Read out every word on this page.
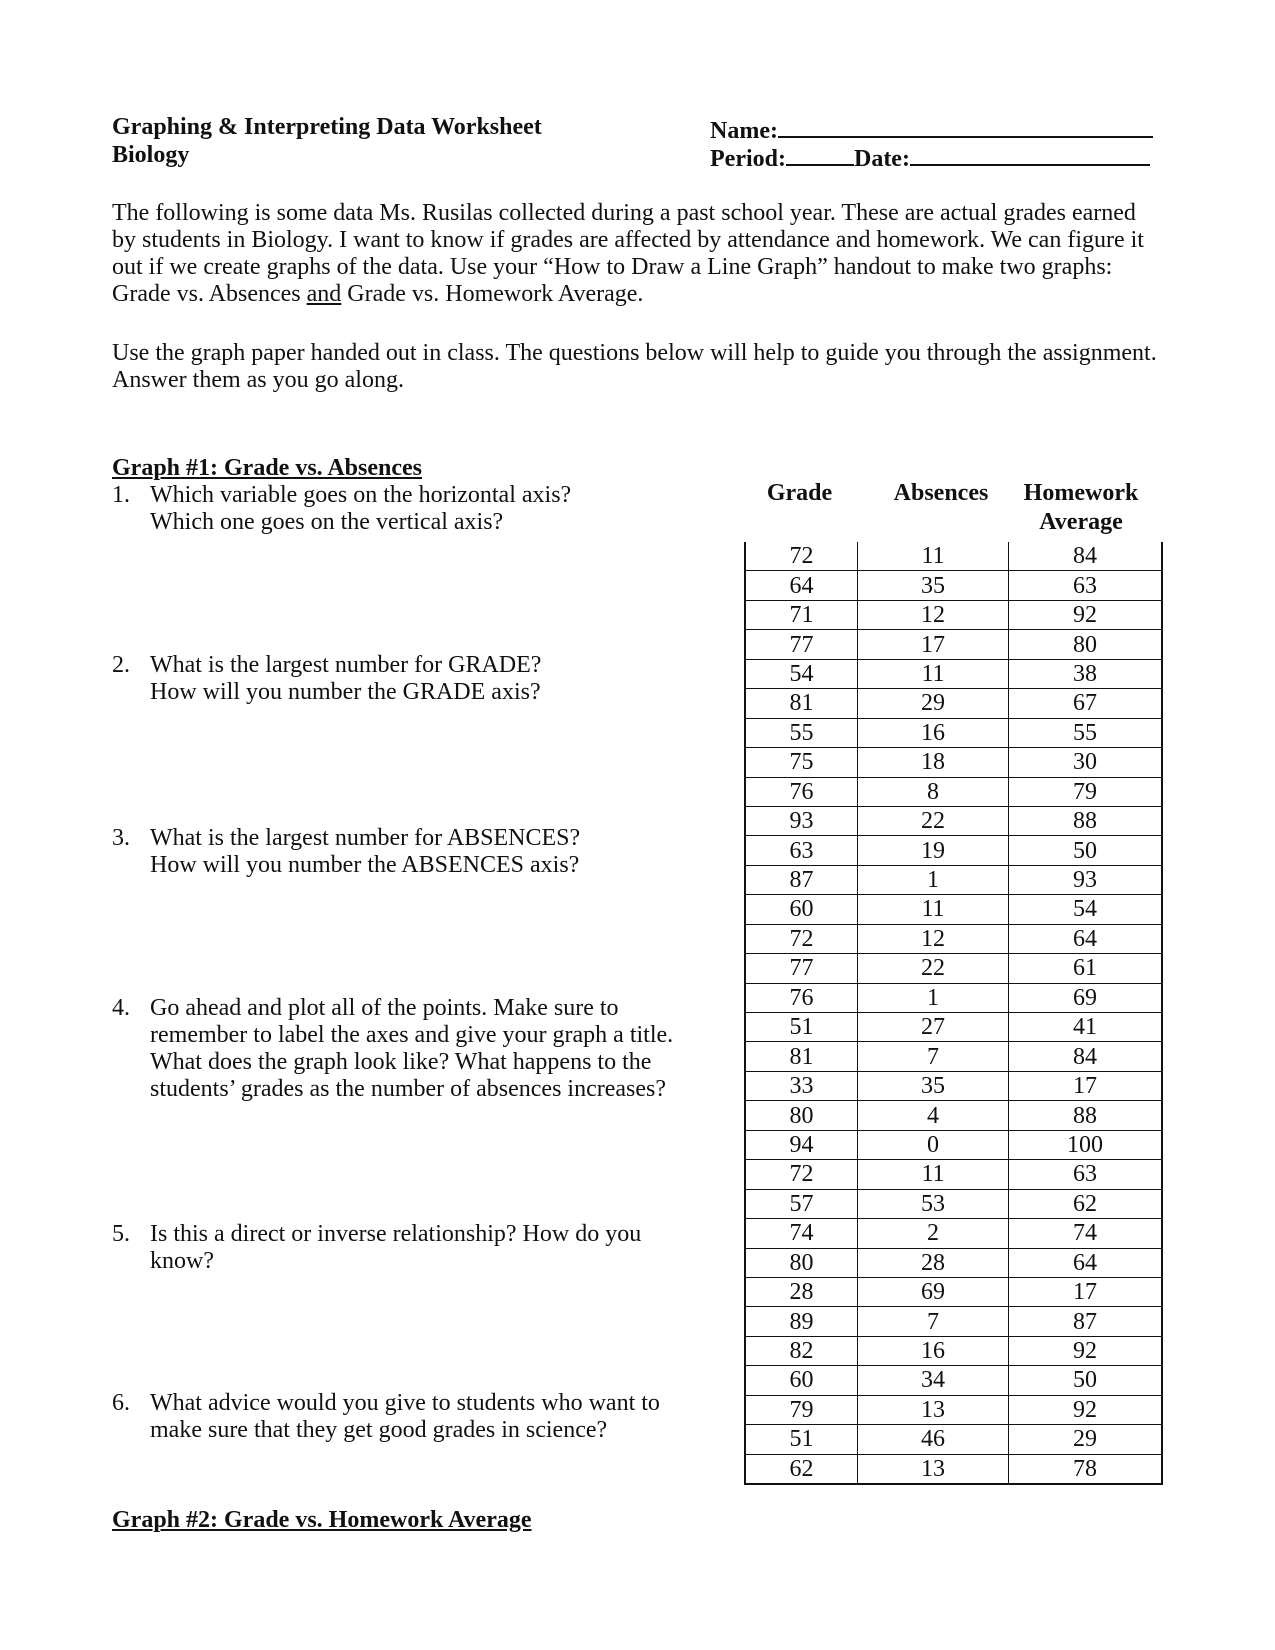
Graphing & Interpreting Data Worksheet
Biology
Name:
Period:	Date:
The following is some data Ms. Rusilas collected during a past school year. These are actual grades earned by students in Biology. I want to know if grades are affected by attendance and homework. We can figure it out if we create graphs of the data. Use your “How to Draw a Line Graph” handout to make two graphs: Grade vs. Absences and Grade vs. Homework Average.
Use the graph paper handed out in class. The questions below will help to guide you through the assignment. Answer them as you go along.
Graph #1: Grade vs. Absences
1. Which variable goes on the horizontal axis? Which one goes on the vertical axis?
2. What is the largest number for GRADE? How will you number the GRADE axis?
3. What is the largest number for ABSENCES? How will you number the ABSENCES axis?
4. Go ahead and plot all of the points. Make sure to remember to label the axes and give your graph a title. What does the graph look like? What happens to the students’ grades as the number of absences increases?
5. Is this a direct or inverse relationship? How do you know?
6. What advice would you give to students who want to make sure that they get good grades in science?
Graph #2: Grade vs. Homework Average
Grade	Absences	Homework Average
72	11	84
64	35	63
71	12	92
77	17	80
54	11	38
81	29	67
55	16	55
75	18	30
76	8	79
93	22	88
63	19	50
87	1	93
60	11	54
72	12	64
77	22	61
76	1	69
51	27	41
81	7	84
33	35	17
80	4	88
94	0	100
72	11	63
57	53	62
74	2	74
80	28	64
28	69	17
89	7	87
82	16	92
60	34	50
79	13	92
51	46	29
62	13	78
